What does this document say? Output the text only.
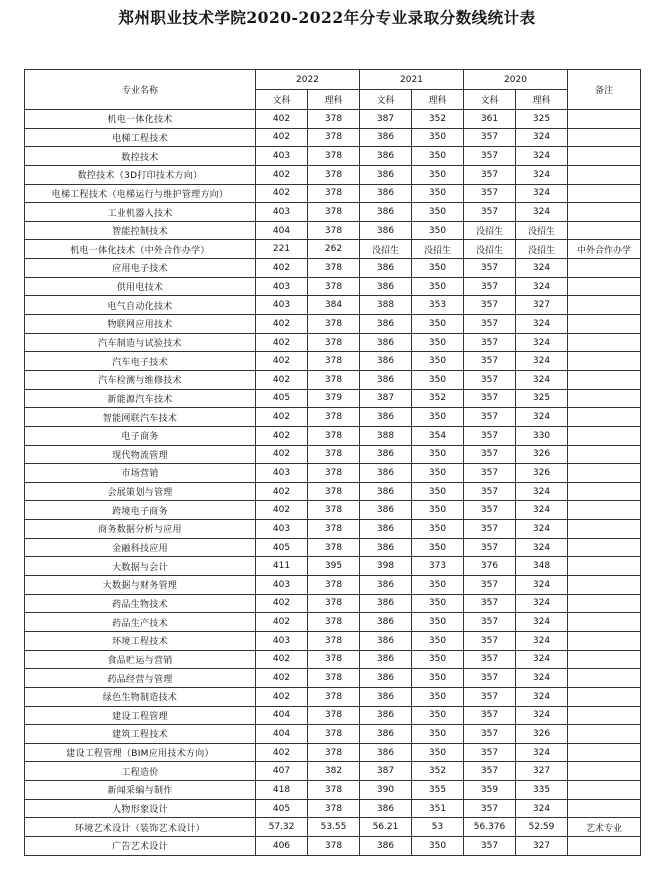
郑州职业技术学院2020-2022年分专业录取分数线统计表
专业名称	2022		2021		2020		备注
	文科	理科	文科	理科	文科	理科	
机电一体化技术	402	378	387	352	361	325	
电梯工程技术	402	378	386	350	357	324	
数控技术	403	378	386	350	357	324	
数控技术（3D打印技术方向）	402	378	386	350	357	324	
电梯工程技术（电梯运行与维护管理方向）	402	378	386	350	357	324	
工业机器人技术	403	378	386	350	357	324	
智能控制技术	404	378	386	350	没招生	没招生	
机电一体化技术（中外合作办学）	221	262	没招生	没招生	没招生	没招生	中外合作办学
应用电子技术	402	378	386	350	357	324	
供用电技术	403	378	386	350	357	324	
电气自动化技术	403	384	388	353	357	327	
物联网应用技术	402	378	386	350	357	324	
汽车制造与试验技术	402	378	386	350	357	324	
汽车电子技术	402	378	386	350	357	324	
汽车检测与维修技术	402	378	386	350	357	324	
新能源汽车技术	405	379	387	352	357	325	
智能网联汽车技术	402	378	386	350	357	324	
电子商务	402	378	388	354	357	330	
现代物流管理	402	378	386	350	357	326	
市场营销	403	378	386	350	357	326	
会展策划与管理	402	378	386	350	357	324	
跨境电子商务	402	378	386	350	357	324	
商务数据分析与应用	403	378	386	350	357	324	
金融科技应用	405	378	386	350	357	324	
大数据与会计	411	395	398	373	376	348	
大数据与财务管理	403	378	386	350	357	324	
药品生物技术	402	378	386	350	357	324	
药品生产技术	402	378	386	350	357	324	
环境工程技术	403	378	386	350	357	324	
食品贮运与营销	402	378	386	350	357	324	
药品经营与管理	402	378	386	350	357	324	
绿色生物制造技术	402	378	386	350	357	324	
建设工程管理	404	378	386	350	357	324	
建筑工程技术	404	378	386	350	357	326	
建设工程管理（BIM应用技术方向）	402	378	386	350	357	324	
工程造价	407	382	387	352	357	327	
新闻采编与制作	418	378	390	355	359	335	
人物形象设计	405	378	386	351	357	324	
环境艺术设计（装饰艺术设计）	57.32	53.55	56.21	53	56.376	52.59	艺术专业
广告艺术设计	406	378	386	350	357	327	
